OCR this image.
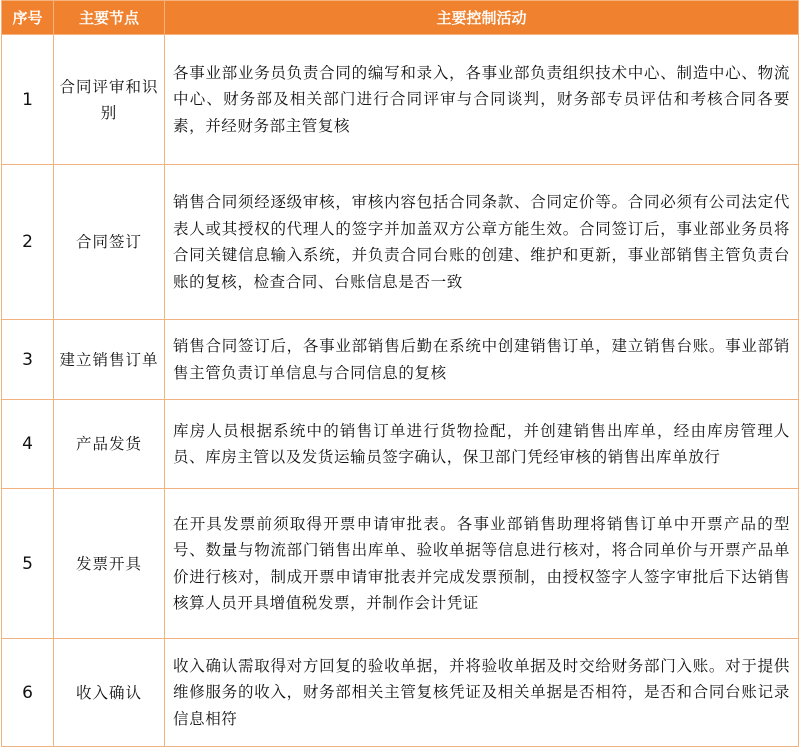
序号	主要节点	主要控制活动
1	合同评审和识别	各事业部业务员负责合同的编写和录入，各事业部负责组织技术中心、制造中心、物流中心、财务部及相关部门进行合同评审与合同谈判，财务部专员评估和考核合同各要素，并经财务部主管复核
2	合同签订	销售合同须经逐级审核，审核内容包括合同条款、合同定价等。合同必须有公司法定代表人或其授权的代理人的签字并加盖双方公章方能生效。合同签订后，事业部业务员将合同关键信息输入系统，并负责合同台账的创建、维护和更新，事业部销售主管负责台账的复核，检查合同、台账信息是否一致
3	建立销售订单	销售合同签订后，各事业部销售后勤在系统中创建销售订单，建立销售台账。事业部销售主管负责订单信息与合同信息的复核
4	产品发货	库房人员根据系统中的销售订单进行货物捡配，并创建销售出库单，经由库房管理人员、库房主管以及发货运输员签字确认，保卫部门凭经审核的销售出库单放行
5	发票开具	在开具发票前须取得开票申请审批表。各事业部销售助理将销售订单中开票产品的型号、数量与物流部门销售出库单、验收单据等信息进行核对，将合同单价与开票产品单价进行核对，制成开票申请审批表并完成发票预制，由授权签字人签字审批后下达销售核算人员开具增值税发票，并制作会计凭证
6	收入确认	收入确认需取得对方回复的验收单据，并将验收单据及时交给财务部门入账。对于提供维修服务的收入，财务部相关主管复核凭证及相关单据是否相符，是否和合同台账记录信息相符
